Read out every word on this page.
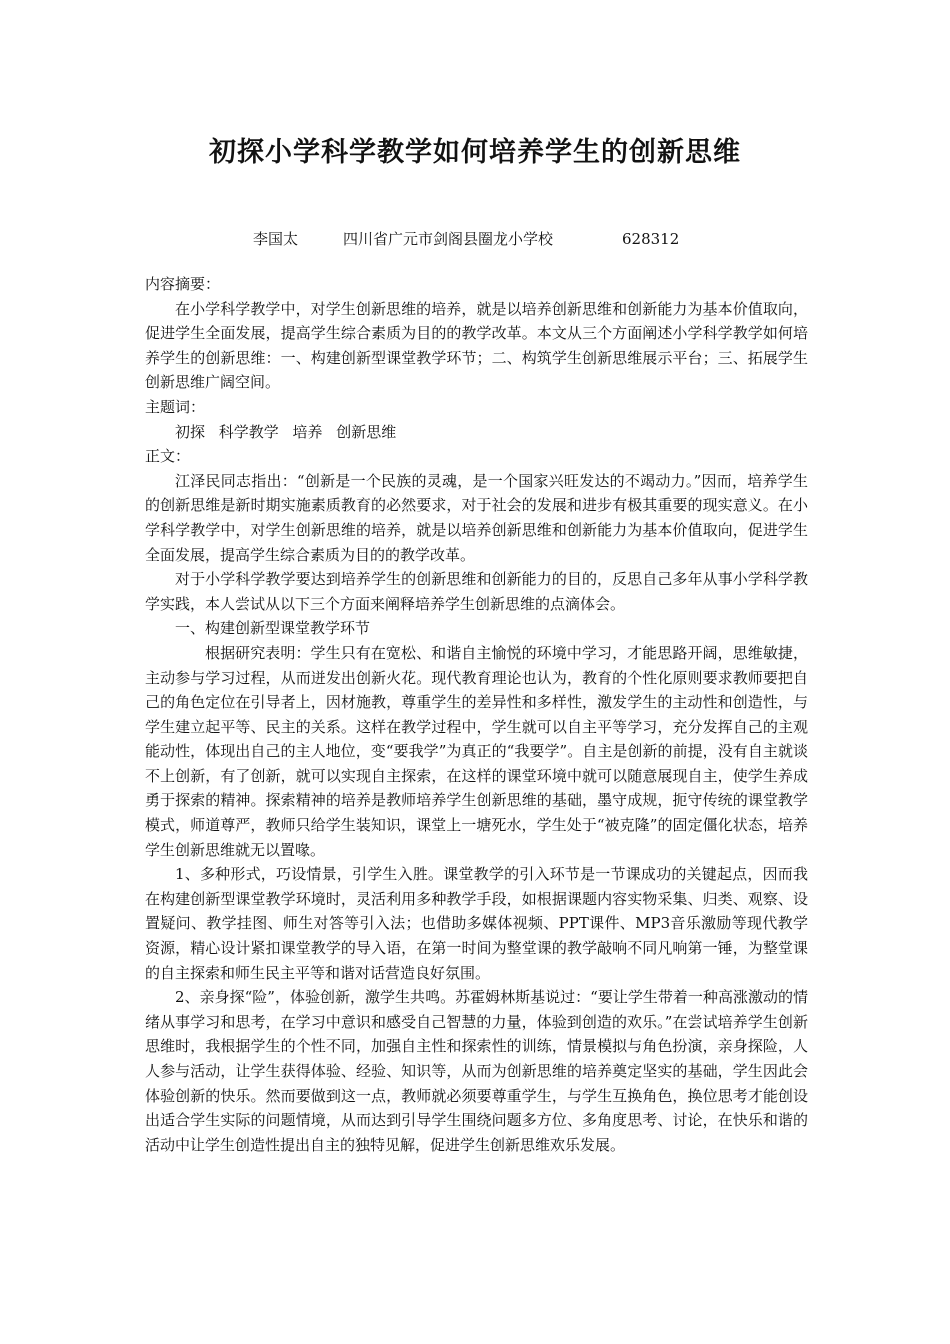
初探小学科学教学如何培养学生的创新思维
李国太	四川省广元市剑阁县圈龙小学校	628312

内容摘要：

在小学科学教学中，对学生创新思维的培养，就是以培养创新思维和创新能力为基本价值取向，促进学生全面发展，提高学生综合素质为目的的教学改革。本文从三个方面阐述小学科学教学如何培养学生的创新思维：一、构建创新型课堂教学环节；二、构筑学生创新思维展示平台；三、拓展学生创新思维广阔空间。

主题词：

初探 科学教学 培养 创新思维

正文：

江泽民同志指出：“创新是一个民族的灵魂，是一个国家兴旺发达的不竭动力。”因而，培养学生的创新思维是新时期实施素质教育的必然要求，对于社会的发展和进步有极其重要的现实意义。在小学科学教学中，对学生创新思维的培养，就是以培养创新思维和创新能力为基本价值取向，促进学生全面发展，提高学生综合素质为目的的教学改革。

对于小学科学教学要达到培养学生的创新思维和创新能力的目的，反思自己多年从事小学科学教学实践，本人尝试从以下三个方面来阐释培养学生创新思维的点滴体会。

一、构建创新型课堂教学环节

根据研究表明：学生只有在宽松、和谐自主愉悦的环境中学习，才能思路开阔，思维敏捷，主动参与学习过程，从而迸发出创新火花。现代教育理论也认为，教育的个性化原则要求教师要把自己的角色定位在引导者上，因材施教，尊重学生的差异性和多样性，激发学生的主动性和创造性，与学生建立起平等、民主的关系。这样在教学过程中，学生就可以自主平等学习，充分发挥自己的主观能动性，体现出自己的主人地位，变“要我学”为真正的“我要学”。自主是创新的前提，没有自主就谈不上创新，有了创新，就可以实现自主探索，在这样的课堂环境中就可以随意展现自主，使学生养成勇于探索的精神。探索精神的培养是教师培养学生创新思维的基础，墨守成规，扼守传统的课堂教学模式，师道尊严，教师只给学生装知识，课堂上一塘死水，学生处于“被克隆”的固定僵化状态，培养学生创新思维就无以置喙。

1、多种形式，巧设情景，引学生入胜。课堂教学的引入环节是一节课成功的关键起点，因而我在构建创新型课堂教学环境时，灵活利用多种教学手段，如根据课题内容实物采集、归类、观察、设置疑问、教学挂图、师生对答等引入法；也借助多媒体视频、PPT课件、MP3音乐激励等现代教学资源，精心设计紧扣课堂教学的导入语，在第一时间为整堂课的教学敲响不同凡响第一锤，为整堂课的自主探索和师生民主平等和谐对话营造良好氛围。

2、亲身探“险”，体验创新，激学生共鸣。苏霍姆林斯基说过：“要让学生带着一种高涨激动的情绪从事学习和思考，在学习中意识和感受自己智慧的力量，体验到创造的欢乐。”在尝试培养学生创新思维时，我根据学生的个性不同，加强自主性和探索性的训练，情景模拟与角色扮演，亲身探险，人人参与活动，让学生获得体验、经验、知识等，从而为创新思维的培养奠定坚实的基础，学生因此会体验创新的快乐。然而要做到这一点，教师就必须要尊重学生，与学生互换角色，换位思考才能创设出适合学生实际的问题情境，从而达到引导学生围绕问题多方位、多角度思考、讨论，在快乐和谐的活动中让学生创造性提出自主的独特见解，促进学生创新思维欢乐发展。
